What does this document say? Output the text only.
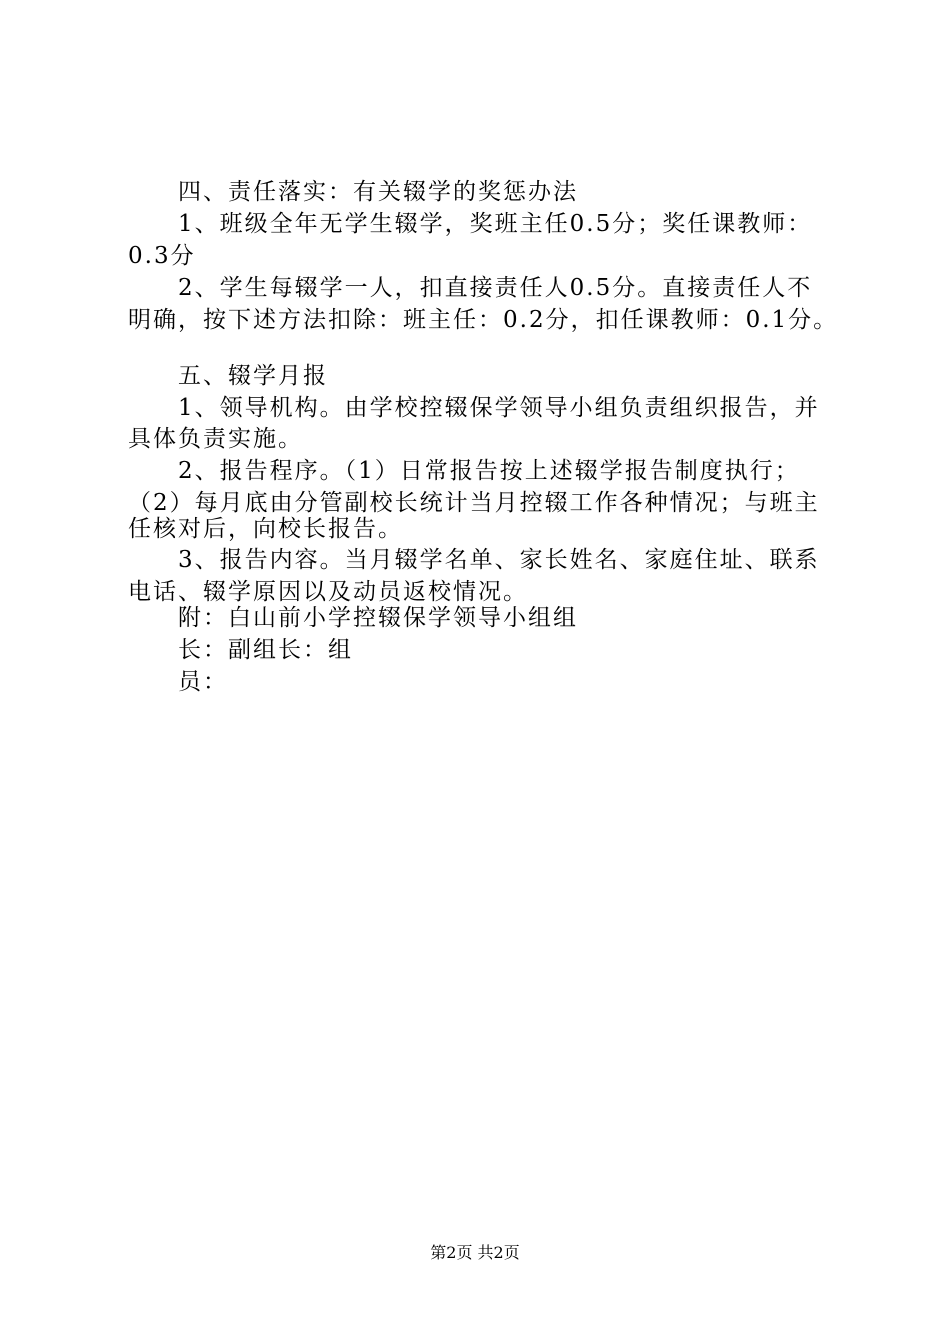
四、责任落实：有关辍学的奖惩办法
1、班级全年无学生辍学，奖班主任0.5分；奖任课教师：
0.3分
2、学生每辍学一人，扣直接责任人0.5分。直接责任人不
明确，按下述方法扣除：班主任：0.2分，扣任课教师：0.1分。
五、辍学月报
1、领导机构。由学校控辍保学领导小组负责组织报告，并
具体负责实施。
2、报告程序。（1）日常报告按上述辍学报告制度执行；
（2）每月底由分管副校长统计当月控辍工作各种情况；与班主
任核对后，向校长报告。
3、报告内容。当月辍学名单、家长姓名、家庭住址、联系
电话、辍学原因以及动员返校情况。
附：白山前小学控辍保学领导小组组
长：副组长：组
员：
第2页 共2页
